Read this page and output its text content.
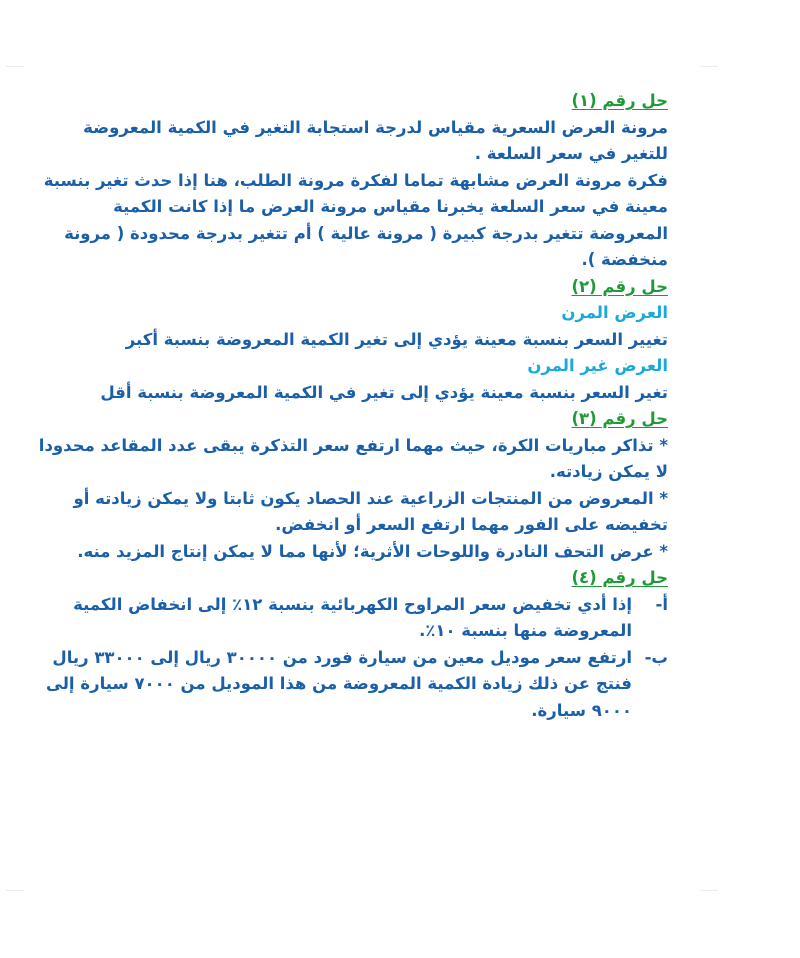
حل رقم (١)

مرونة العرض السعرية مقياس لدرجة استجابة التغير في الكمية المعروضة للتغير في سعر السلعة .

فكرة مرونة العرض مشابهة تماما لفكرة مرونة الطلب، هنا إذا حدث تغير بنسبة معينة في سعر السلعة يخبرنا مقياس مرونة العرض ما إذا كانت الكمية المعروضة تتغير بدرجة كبيرة ( مرونة عالية ) أم تتغير بدرجة محدودة ( مرونة منخفضة ).

حل رقم (٢)

العرض المرن

تغيير السعر بنسبة معينة يؤدي إلى تغير الكمية المعروضة بنسبة أكبر

العرض غير المرن

تغير السعر بنسبة معينة يؤدي إلى تغير في الكمية المعروضة بنسبة أقل

حل رقم (٣)

* تذاكر مباريات الكرة، حيث مهما ارتفع سعر التذكرة يبقى عدد المقاعد محدودا لا يمكن زيادته.

* المعروض من المنتجات الزراعية عند الحصاد يكون ثابتا ولا يمكن زيادته أو تخفيضه على الفور مهما ارتفع السعر أو انخفض.

* عرض التحف النادرة واللوحات الأثرية؛ لأنها مما لا يمكن إنتاج المزيد منه.

حل رقم (٤)

أ-
إذا أدي تخفيض سعر المراوح الكهربائية بنسبة ١٢٪ إلى انخفاض الكمية المعروضة منها بنسبة ١٠٪.
ب-
ارتفع سعر موديل معين من سيارة فورد من ٣٠٠٠٠ ريال إلى ٣٣٠٠٠ ريال فنتج عن ذلك زيادة الكمية المعروضة من هذا الموديل من ٧٠٠٠ سيارة إلى ٩٠٠٠ سيارة.
